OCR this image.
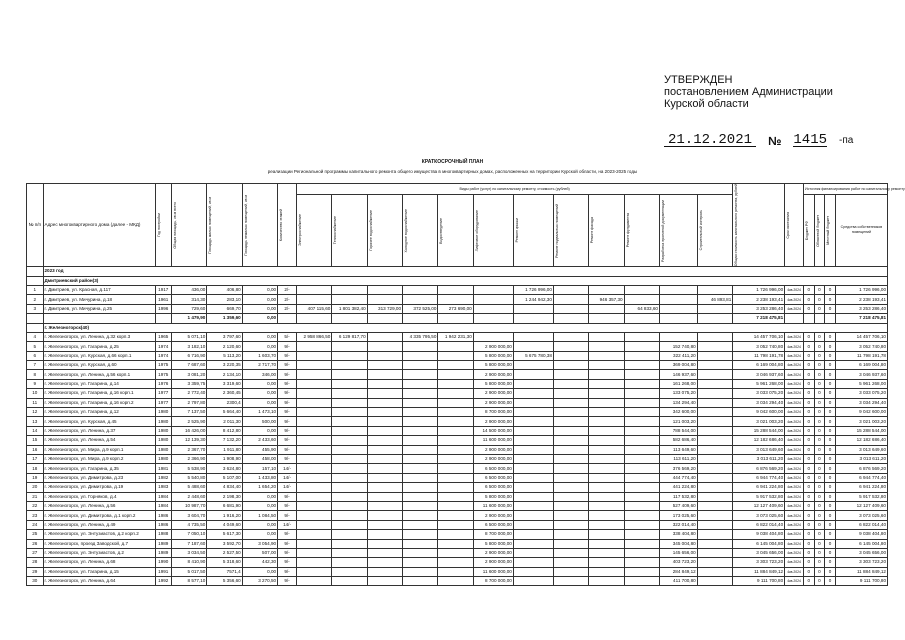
УТВЕРЖДЕН
постановлением Администрации
Курской области
21.12.2021	№ 1415 -па
КРАТКОСРОЧНЫЙ ПЛАН
реализации Региональной программы капитального ремонта общего имущества в многоквартирных домах, расположенных на территории Курской области, на 2023-2025 годы
№ п/п	Адрес многоквартирного дома (далее - МКД)	Год постройки	Общая площадь, кв.м всего	Площадь жилых помещений, кв.м	Площадь нежилых помещений, кв.м	Количество этажей	Виды работ (услуг) по капитальному ремонту, стоимость (рублей)												Общая стоимость капитального ремонта, рублей	Срок окончания	Источник финансирования работ по капитальному ремонту			

							Электроснабжение	Теплоснабжение	Горячее водоснабжение	Холодное водоснабжение	Водоотведение	Лифтовое оборудование	Ремонт крыши	Ремонт подвальных помещений	Ремонт фасада	Ремонт фундамента	Разработка проектной документации	Строительный контроль			Бюджет РФ	Областной бюджет	Местный бюджет	Средства собственников помещений
	2023 год																							
	Дмитриевский район(3)																							
1	г. Дмитриев, ул. Красная, д.117	1917	436,00	406,80	0,00	2/-							1 726 996,00						1 726 996,00	4кв.2024	0	0	0	1 726 996,00
2	г. Дмитриев, ул. Мичурина, д.18	1961	314,30	283,10	0,00	2/-							1 244 942,30		946 357,30			46 893,81	2 238 193,41	4кв.2024	0	0	0	2 238 193,41
3	г. Дмитриев, ул. Мичурина, д.25	1996	729,60	669,70	0,00	2/-	407 115,60	1 801 382,40	313 729,00	372 525,00	273 690,00					64 833,60			3 253 286,40	4кв.2024	0	0	0	3 253 286,40
			1 479,90	1 359,60	0,00														7 218 475,81					7 218 475,81
	г. Железногорск(40)																							
4	г. Железногорск, ул. Ленина, д.32 корп.3	1965	5 071,10	3 797,60	0,00	5/-	2 958 866,50	6 129 817,70		4 335 795,50	1 942 231,30								14 457 706,10	4кв.2024	0	0	0	14 457 706,10
5	г. Железногорск, ул. Гагарина, д.25	1974	3 182,10	2 120,60	0,00	9/-						2 900 000,00					152 740,80		3 052 740,80	4кв.2024	0	0	0	3 052 740,80
6	г. Железногорск, ул. Курская, д.66 корп.1	1974	6 716,90	5 113,20	1 603,70	9/-						5 800 000,00	5 675 780,38				322 411,20		11 798 191,78	4кв.2024	0	0	0	11 798 191,78
7	г. Железногорск, ул. Курская, д.60	1975	7 687,60	3 220,35	2 717,70	9/-						5 800 000,00					369 004,80		6 169 004,80	4кв.2024	0	0	0	6 169 004,80
8	г. Железногорск, ул. Ленина, д.56 корп.1	1975	3 081,20	2 134,10	346,00	9/-						2 900 000,00					146 937,60		3 046 937,60	4кв.2024	0	0	0	3 046 937,60
9	г. Железногорск, ул. Гагарина, д.14	1976	3 359,75	3 319,60	0,00	9/-						5 800 000,00					161 268,00		5 961 268,00	4кв.2024	0	0	0	5 961 268,00
10	г. Железногорск, ул. Гагарина, д.16 корп.1	1977	2 772,40	2 360,45	0,00	9/-						2 900 000,00					133 075,20		3 033 075,20	4кв.2024	0	0	0	3 033 075,20
11	г. Железногорск, ул. Гагарина, д.16 корп.2	1977	2 797,80	2300,4	0,00	9/-						2 900 000,00					134 294,40		3 034 294,40	4кв.2024	0	0	0	3 034 294,40
12	г. Железногорск, ул. Гагарина, д.12	1980	7 137,50	5 664,40	1 473,10	9/-						8 700 000,00					342 600,00		9 042 600,00	4кв.2024	0	0	0	9 042 600,00
13	г. Железногорск, ул. Курская, д.45	1980	2 525,90	2 011,30	500,00	9/-						2 900 000,00					121 003,20		3 021 003,20	4кв.2024	0	0	0	3 021 003,20
14	г. Железногорск, ул. Ленина, д.37	1980	16 426,00	8 412,80	0,00	9/-						14 500 000,00					788 544,00		15 288 544,00	4кв.2024	0	0	0	15 288 544,00
15	г. Железногорск, ул. Ленина, д.54	1980	12 139,30	7 132,20	2 433,60	9/-						11 600 000,00					582 686,40		12 182 686,40	4кв.2024	0	0	0	12 182 686,40
16	г. Железногорск, ул. Мира, д.9 корп.1	1980	2 367,70	1 911,80	455,90	9/-						2 900 000,00					113 649,60		3 013 649,60	4кв.2024	0	0	0	3 013 649,60
17	г. Железногорск, ул. Мира, д.9 корп.2	1980	2 366,90	1 908,90	458,00	9/-						2 900 000,00					113 611,20		3 013 611,20	4кв.2024	0	0	0	3 013 611,20
18	г. Железногорск, ул. Гагарина, д.35	1981	5 538,90	3 624,80	157,10	14/-						6 500 000,00					376 569,20		6 876 569,20	4кв.2024	0	0	0	6 876 569,20
19	г. Железногорск, ул. Димитрова, д.23	1982	5 540,80	5 107,00	1 433,80	14/-						6 500 000,00					444 774,40		6 944 774,40	4кв.2024	0	0	0	6 944 774,40
20	г. Железногорск, ул. Димитрова, д.19	1983	5 488,60	4 834,40	1 654,20	14/-						6 500 000,00					441 224,80		6 941 224,80	4кв.2024	0	0	0	6 941 224,80
21	г. Железногорск, ул. Горняков, д.4	1984	2 448,60	2 198,30	0,00	9/-						5 800 000,00					117 532,80		5 917 532,80	4кв.2024	0	0	0	5 917 532,80
22	г. Железногорск, ул. Ленина, д.56	1984	10 987,70	6 681,90	0,00	9/-						11 600 000,00					527 409,60		12 127 409,60	4кв.2024	0	0	0	12 127 409,60
23	г. Железногорск, ул. Димитрова, д.1 корп.2	1986	3 604,70	1 916,20	1 084,50	9/-						2 900 000,00					173 025,60		3 073 025,60	4кв.2024	0	0	0	3 073 025,60
24	г. Железногорск, ул. Ленина, д.49	1986	4 735,50	4 049,60	0,00	14/-						6 500 000,00					322 014,40		6 822 014,40	4кв.2024	0	0	0	6 822 014,40
25	г. Железногорск, ул. Энтузиастов, д.2 корп.2	1988	7 050,10	5 617,30	0,00	9/-						8 700 000,00					338 404,80		9 038 404,80	4кв.2024	0	0	0	9 038 404,80
26	г. Железногорск, проезд Заводской, д.7	1989	7 187,60	3 592,70	3 054,90	9/-						5 800 000,00					345 004,80		6 145 004,80	4кв.2024	0	0	0	6 145 004,80
27	г. Железногорск, ул. Энтузиастов, д.2	1989	3 034,50	2 527,50	507,00	9/-						2 900 000,00					145 656,00		3 045 656,00	4кв.2024	0	0	0	3 045 656,00
28	г. Железногорск, ул. Ленина, д.68	1990	8 410,90	5 318,60	442,30	9/-						2 900 000,00					403 723,20		3 303 723,20	4кв.2024	0	0	0	3 303 723,20
29	г. Железногорск, ул. Гагарина, д.15	1991	5 017,50	7571,4	0,00	9/-						11 600 000,00					284 849,12		11 884 849,12	4кв.2024	0	0	0	11 884 849,12
30	г. Железногорск, ул. Ленина, д.64	1992	8 577,10	5 356,60	3 270,50	9/-						8 700 000,00					411 700,80		9 111 700,80	4кв.2024	0	0	0	9 111 700,80
